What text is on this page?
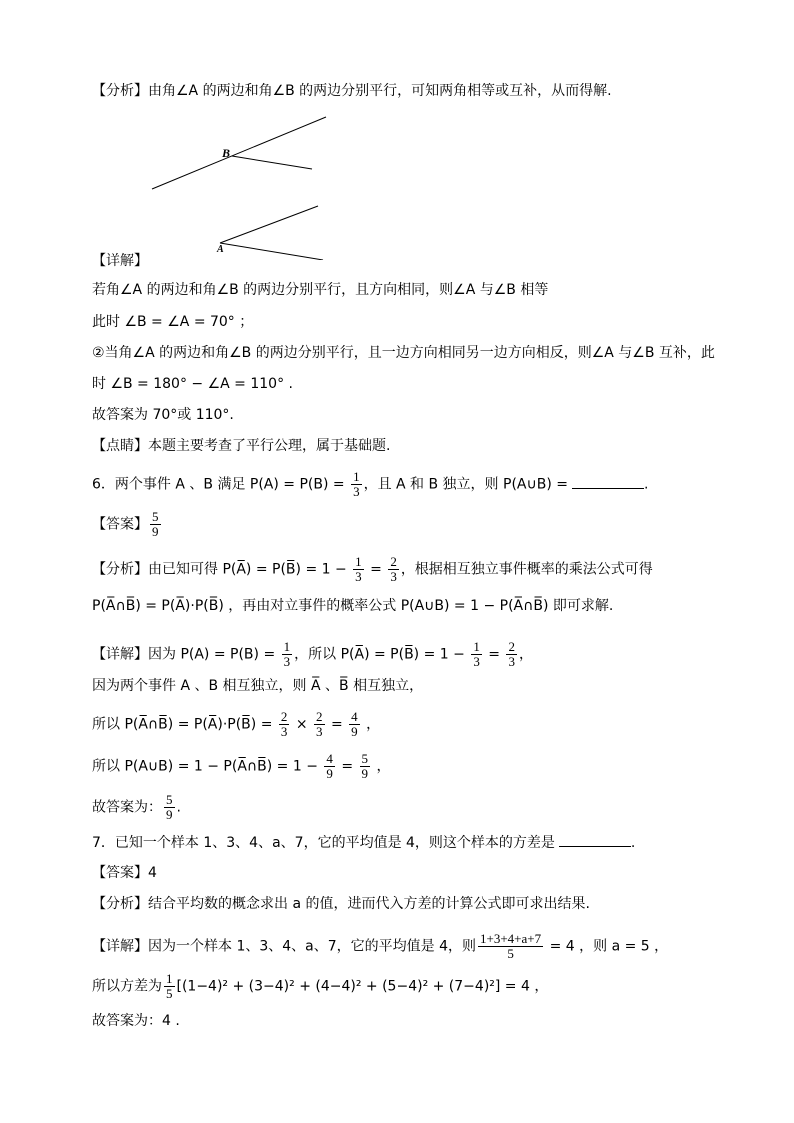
【分析】由角∠A 的两边和角∠B 的两边分别平行，可知两角相等或互补，从而得解.
B
A
【详解】
若角∠A 的两边和角∠B 的两边分别平行，且方向相同，则∠A 与∠B 相等
此时 ∠B = ∠A = 70° ；
②当角∠A 的两边和角∠B 的两边分别平行，且一边方向相同另一边方向相反，则∠A 与∠B 互补，此
时 ∠B = 180° − ∠A = 110° .
故答案为 70°或 110°.
【点睛】本题主要考查了平行公理，属于基础题.
6．两个事件 A 、B 满足 $P(A) = P(B) = \frac{1}{3}$ ，且 A 和 B 独立，则 P(A∪B) =	.
【答案】 $\frac{5}{9}$
【分析】由已知可得 P(A̅) = P(B̅) = $1 - \frac{1}{3} = \frac{2}{3}$ ，根据相互独立事件概率的乘法公式可得
P(A̅∩B̅) = P(A̅)·P(B̅) ，再由对立事件的概率公式 P(A∪B) = 1 − P(A̅∩B̅) 即可求解.
【详解】因为 $P(A) = P(B) = \frac{1}{3}$ ，所以 P(A̅) = P(B̅) = $1 - \frac{1}{3} = \frac{2}{3}$ ，
因为两个事件 A 、B 相互独立，则 A̅ 、B̅ 相互独立，
所以 P(A̅∩B̅) = P(A̅)·P(B̅) = $\frac{2}{3} \times \frac{2}{3} = \frac{4}{9}$ ，
所以 P(A∪B) = 1 − P(A̅∩B̅) = $1 - \frac{4}{9} = \frac{5}{9}$ ，
故答案为： $\frac{5}{9}$ .
7．已知一个样本 1、3、4、a、7，它的平均值是 4，则这个样本的方差是	.
【答案】4
【分析】结合平均数的概念求出 a 的值，进而代入方差的计算公式即可求出结果.
【详解】因为一个样本 1、3、4、a、7，它的平均值是 4，则 $\frac{1+3+4+a+7}{5} = 4$ ，则 a = 5 ，
所以方差为 $\frac{1}{5} [(1-4)^2 + (3-4)^2 + (4-4)^2 + (5-4)^2 + (7-4)^2] = 4$ ，
故答案为：4 .
